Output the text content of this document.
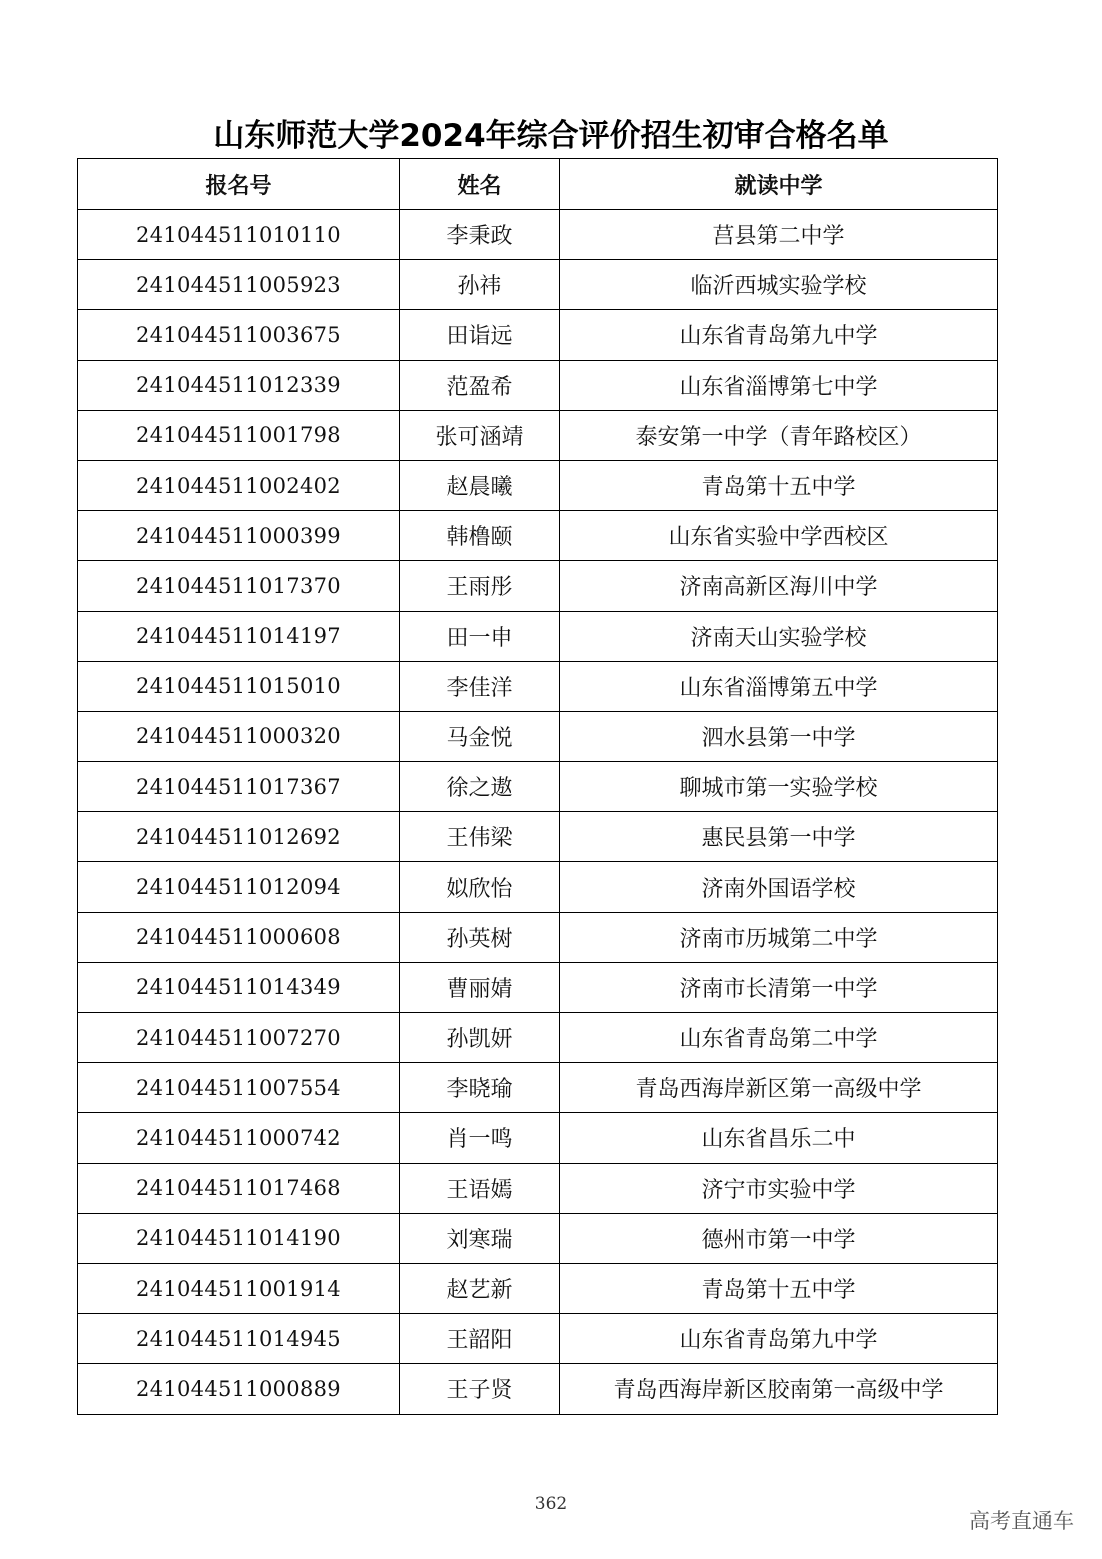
山东师范大学2024年综合评价招生初审合格名单
报名号	姓名	就读中学
241044511010110	李秉政	莒县第二中学
241044511005923	孙祎	临沂西城实验学校
241044511003675	田诣远	山东省青岛第九中学
241044511012339	范盈希	山东省淄博第七中学
241044511001798	张可涵靖	泰安第一中学（青年路校区）
241044511002402	赵晨曦	青岛第十五中学
241044511000399	韩橹颐	山东省实验中学西校区
241044511017370	王雨彤	济南高新区海川中学
241044511014197	田一申	济南天山实验学校
241044511015010	李佳洋	山东省淄博第五中学
241044511000320	马金悦	泗水县第一中学
241044511017367	徐之遨	聊城市第一实验学校
241044511012692	王伟梁	惠民县第一中学
241044511012094	姒欣怡	济南外国语学校
241044511000608	孙英树	济南市历城第二中学
241044511014349	曹丽婧	济南市长清第一中学
241044511007270	孙凯妍	山东省青岛第二中学
241044511007554	李晓瑜	青岛西海岸新区第一高级中学
241044511000742	肖一鸣	山东省昌乐二中
241044511017468	王语嫣	济宁市实验中学
241044511014190	刘寒瑞	德州市第一中学
241044511001914	赵艺新	青岛第十五中学
241044511014945	王韶阳	山东省青岛第九中学
241044511000889	王子贤	青岛西海岸新区胶南第一高级中学
362
高考直通车
